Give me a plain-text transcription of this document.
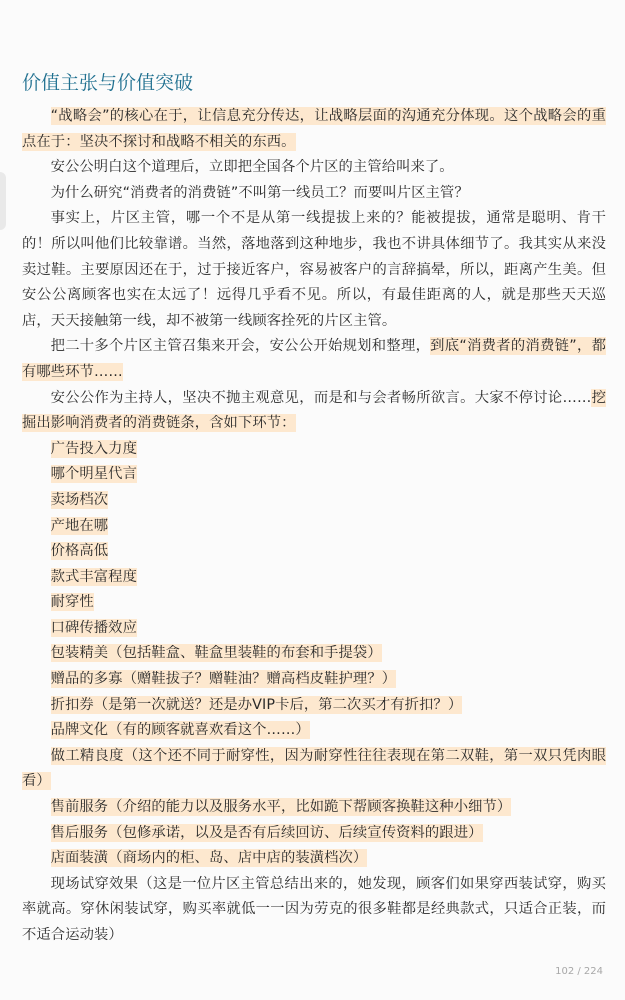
价值主张与价值突破

“战略会”的核心在于，让信息充分传达，让战略层面的沟通充分体现。这个战略会的重点在于：坚决不探讨和战略不相关的东西。

安公公明白这个道理后，立即把全国各个片区的主管给叫来了。

为什么研究“消费者的消费链”不叫第一线员工？而要叫片区主管？

事实上，片区主管，哪一个不是从第一线提拔上来的？能被提拔，通常是聪明、肯干的！所以叫他们比较靠谱。当然，落地落到这种地步，我也不讲具体细节了。我其实从来没卖过鞋。主要原因还在于，过于接近客户，容易被客户的言辞搞晕，所以，距离产生美。但安公公离顾客也实在太远了！远得几乎看不见。所以，有最佳距离的人，就是那些天天巡店，天天接触第一线，却不被第一线顾客拴死的片区主管。

把二十多个片区主管召集来开会，安公公开始规划和整理，到底“消费者的消费链”，都有哪些环节……

安公公作为主持人，坚决不抛主观意见，而是和与会者畅所欲言。大家不停讨论……挖掘出影响消费者的消费链条，含如下环节：

广告投入力度

哪个明星代言

卖场档次

产地在哪

价格高低

款式丰富程度

耐穿性

口碑传播效应

包装精美（包括鞋盒、鞋盒里装鞋的布套和手提袋）

赠品的多寡（赠鞋拔子？赠鞋油？赠高档皮鞋护理？）

折扣券（是第一次就送？还是办VIP卡后，第二次买才有折扣？）

品牌文化（有的顾客就喜欢看这个……）

做工精良度（这个还不同于耐穿性，因为耐穿性往往表现在第二双鞋，第一双只凭肉眼看）

售前服务（介绍的能力以及服务水平，比如跪下帮顾客换鞋这种小细节）

售后服务（包修承诺，以及是否有后续回访、后续宣传资料的跟进）

店面装潢（商场内的柜、岛、店中店的装潢档次）

现场试穿效果（这是一位片区主管总结出来的，她发现，顾客们如果穿西装试穿，购买率就高。穿休闲装试穿，购买率就低一一因为劳克的很多鞋都是经典款式，只适合正装，而不适合运动装）

102 / 224
